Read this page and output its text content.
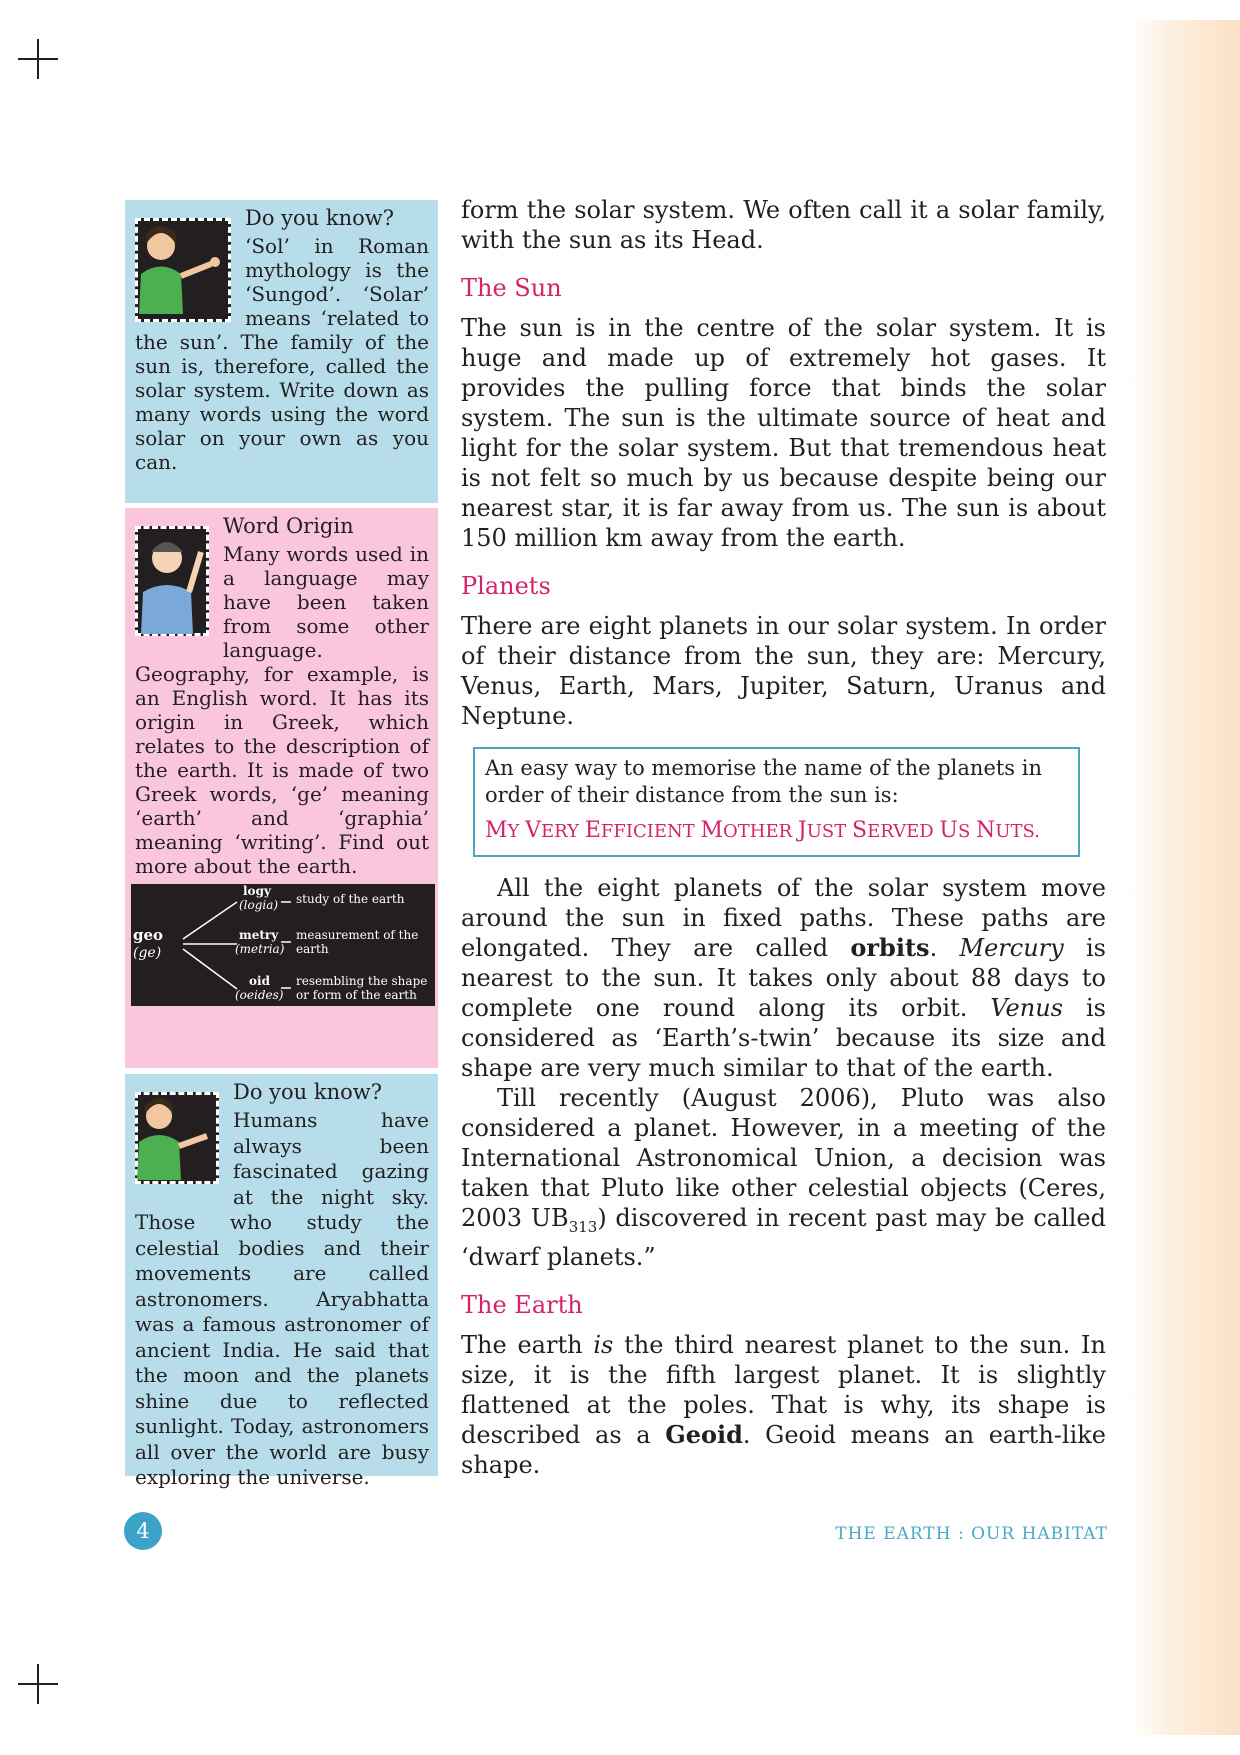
Do you know?

‘Sol’ in Roman mythology is the ‘Sungod’. ‘Solar’ means ‘related to the sun’. The family of the sun is, therefore, called the solar system. Write down as many words using the word solar on your own as you can.

Word Origin

Many words used in a language may have been taken from some other language. Geography, for example, is an English word. It has its origin in Greek, which relates to the description of the earth. It is made of two Greek words, ‘ge’ meaning ‘earth’ and ‘graphia’ meaning ‘writing’. Find out more about the earth.

geo
(ge)
logy
(logia) study of the earth
metry
(metria)
measurement of the
earth
oid
(oeides)
resembling the shape
or form of the earth
Do you know?

Humans have always been fascinated gazing at the night sky. Those who study the celestial bodies and their movements are called astronomers. Aryabhatta was a famous astronomer of ancient India. He said that the moon and the planets shine due to reflected sunlight. Today, astronomers all over the world are busy exploring the universe.

form the solar system. We often call it a solar family, with the sun as its Head.

The Sun

The sun is in the centre of the solar system. It is huge and made up of extremely hot gases. It provides the pulling force that binds the solar system. The sun is the ultimate source of heat and light for the solar system. But that tremendous heat is not felt so much by us because despite being our nearest star, it is far away from us. The sun is about 150 million km away from the earth.

Planets

There are eight planets in our solar system. In order of their distance from the sun, they are: Mercury, Venus, Earth, Mars, Jupiter, Saturn, Uranus and Neptune.

An easy way to memorise the name of the planets in order of their distance from the sun is:
MY VERY EFFICIENT MOTHER JUST SERVED US NUTS.

All the eight planets of the solar system move around the sun in fixed paths. These paths are elongated. They are called orbits. Mercury is nearest to the sun. It takes only about 88 days to complete one round along its orbit. Venus is considered as ‘Earth’s-twin’ because its size and shape are very much similar to that of the earth.

Till recently (August 2006), Pluto was also considered a planet. However, in a meeting of the International Astronomical Union, a decision was taken that Pluto like other celestial objects (Ceres, 2003 $UB_{313}$) discovered in recent past may be called ‘dwarf planets.”

The Earth

The earth is the third nearest planet to the sun. In size, it is the fifth largest planet. It is slightly flattened at the poles. That is why, its shape is described as a Geoid. Geoid means an earth-like shape.

4	THE EARTH : OUR HABITAT
